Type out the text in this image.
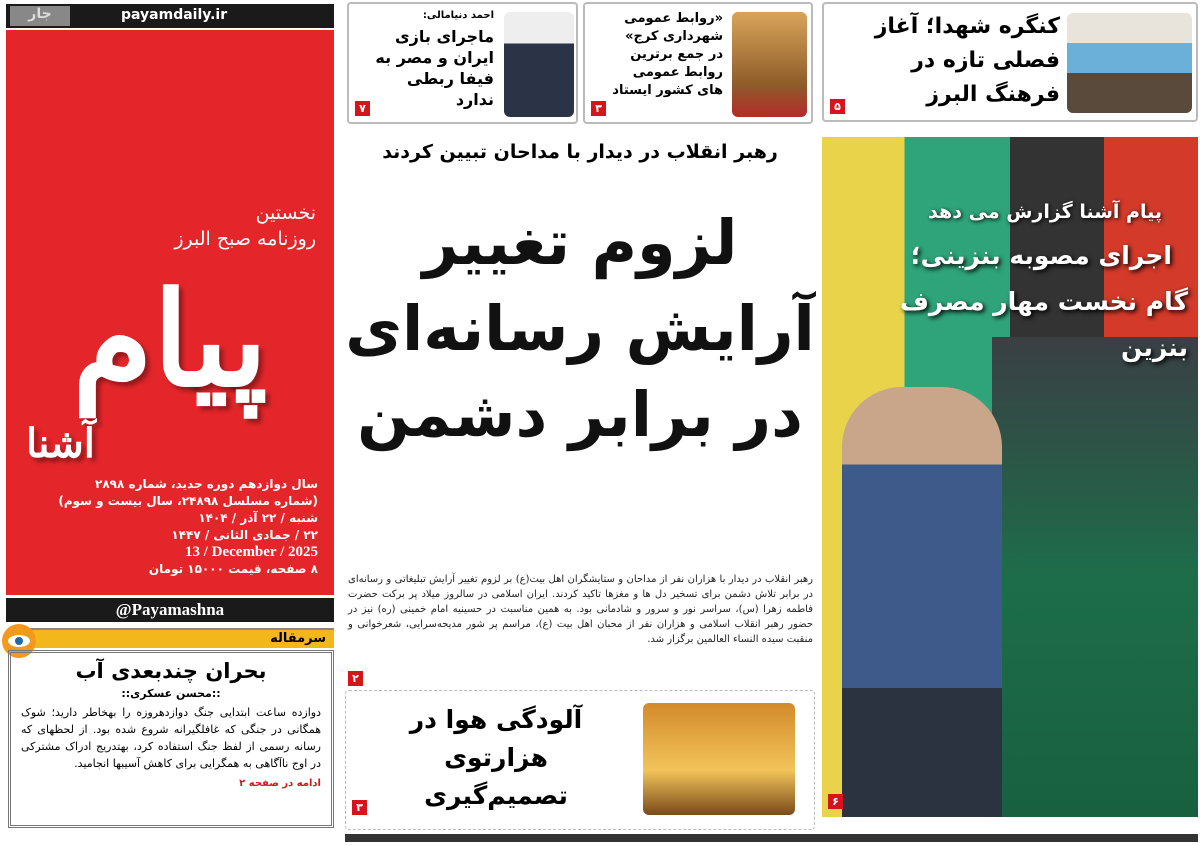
payamdaily.ir
جار
نخستین
روزنامه صبح البرز
پیام
آشنا
سال دوازدهم دوره جدید، شماره ۲۸۹۸
(شماره مسلسل ۲۴۸۹۸، سال بیست و سوم)
شنبه / ۲۲ آذر / ۱۴۰۴
۲۲ / جمادی الثانی / ۱۴۴۷
13 / December / 2025
۸ صفحه، قیمت ۱۵۰۰۰ تومان
@Payamashna
سرمقاله
بحران چندبعدی آب
::محسن عسکری::
دوازده ساعت ابتدایی جنگ دوازدهروزه را بهخاطر دارید؛ شوک همگانی در جنگی که غافلگیرانه شروع شده بود. از لحظهای که رسانه رسمی از لفظ جنگ استفاده کرد، بهتدریج ادراک مشترکی در اوج ناآگاهی به همگرایی برای کاهش آسیبها انجامید.
ادامه در صفحه ۲
احمد دنیامالی:
ماجرای بازی ایران و مصر به فیفا ربطی ندارد
۷
«روابط عمومی شهرداری کرج» در جمع برترین روابط عمومی های کشور ایستاد
۳
کنگره شهدا؛ آغاز فصلی تازه در فرهنگ البرز
۵
رهبر انقلاب در دیدار با مداحان تبیین کردند
لزوم تغییر آرایش رسانه‌ای در برابر دشمن
رهبر انقلاب در دیدار با هزاران نفر از مداحان و ستایشگران اهل بیت(ع) بر لزوم تغییر آرایش تبلیغاتی و رسانه‌ای در برابر تلاش دشمن برای تسخیر دل ها و مغزها تاکید کردند. ایران اسلامی در سالروز میلاد پر برکت حضرت فاطمه زهرا (س)، سراسر نور و سرور و شادمانی بود. به همین مناسبت در حسینیه امام خمینی (ره) نیز در حضور رهبر انقلاب اسلامی و هزاران نفر از محبان اهل بیت (ع)، مراسم پر شور مدیحه‌سرایی، شعرخوانی و منقبت سیده النساء العالمین برگزار شد.
۲
آلودگی هوا در هزارتوی تصمیم‌گیری
۳
پیام آشنا گزارش می دهد
اجرای مصوبه بنزینی؛
گام نخست مهار مصرف بنزین
۶
